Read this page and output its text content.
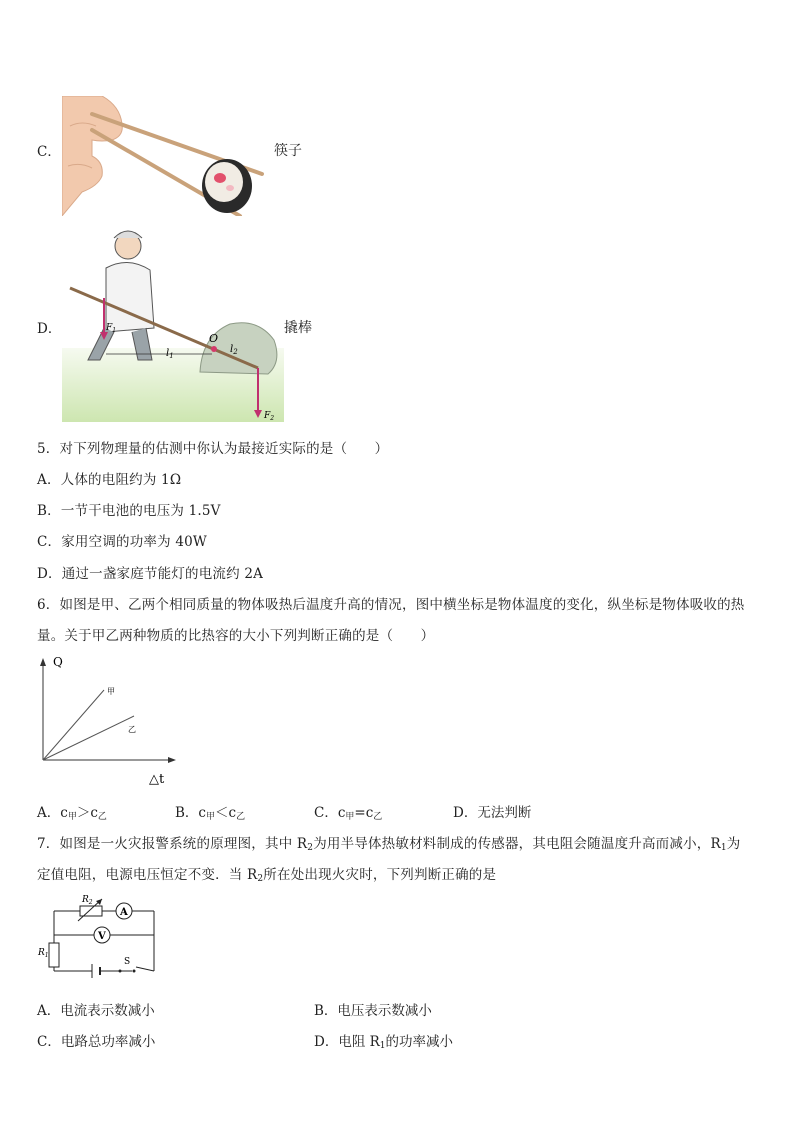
C．	筷子
D．
O
$l_1$
$l_2$
$F_1$
$F_2$
撬棒
5．对下列物理量的估测中你认为最接近实际的是（　　）
A．人体的电阻约为 1Ω
B．一节干电池的电压为 1.5V
C．家用空调的功率为 40W
D．通过一盏家庭节能灯的电流约 2A
6．如图是甲、乙两个相同质量的物体吸热后温度升高的情况，图中横坐标是物体温度的变化，纵坐标是物体吸收的热
量。关于甲乙两种物质的比热容的大小下列判断正确的是（　　）
Q
甲
乙
△t
A．$c_甲>c_乙$	B．$c_甲<c_乙$	C．$c_甲=c_乙$	D．无法判断
7．如图是一火灾报警系统的原理图，其中 $R_2$为用半导体热敏材料制成的传感器，其电阻会随温度升高而减小，$R_1$为
定值电阻，电源电压恒定不变．当 $R_2$所在处出现火灾时，下列判断正确的是
$R_2$
A
V
$R_1$
S
A．电流表示数减小	B．电压表示数减小
C．电路总功率减小	D．电阻 $R_1$的功率减小
